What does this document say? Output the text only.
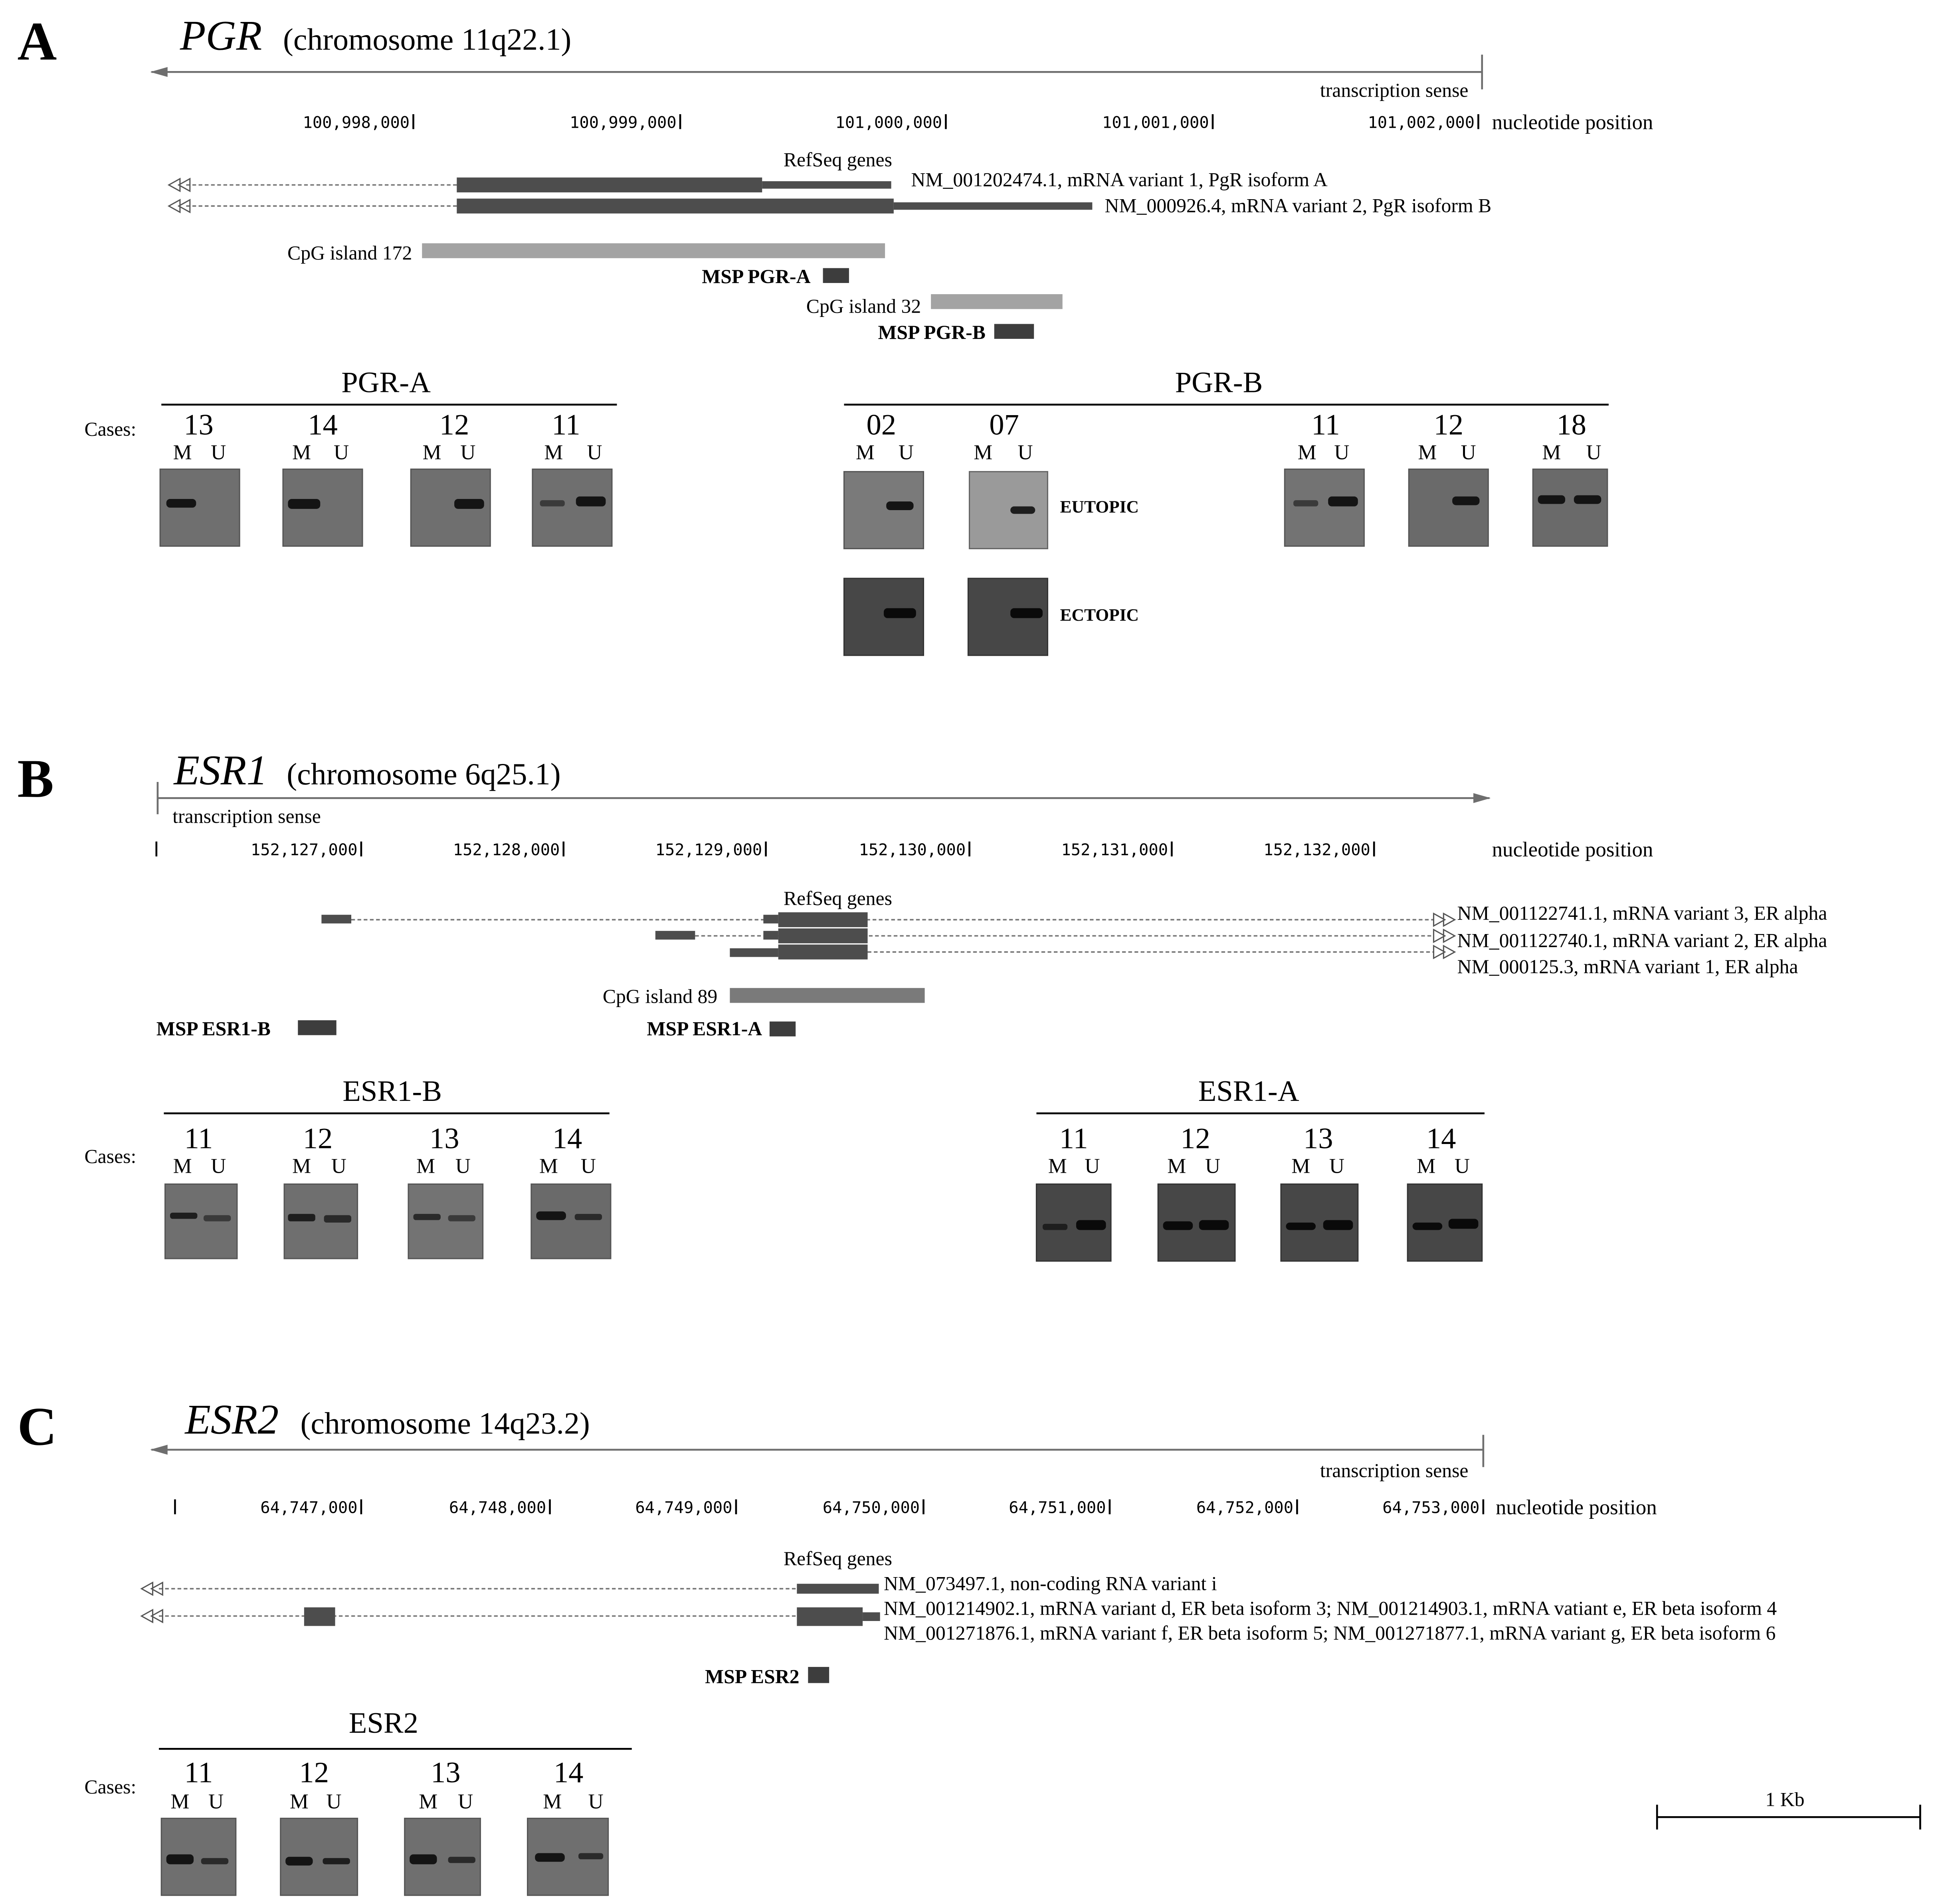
A	PGR (chromosome 11q22.1)
transcription sense
100,998,000	100,999,000	101,000,000	101,001,000	101,002,000	nucleotide position
RefSeq genes
NM_001202474.1, mRNA variant 1, PgR isoform A
NM_000926.4, mRNA variant 2, PgR isoform B
CpG island 172
MSP PGR-A
CpG island 32
MSP PGR-B
PGR-A
Cases:	13
M	U
14
M	U
12
M	U
11
M	U
PGR-B
02
M	U
07
M	U
EUTOPIC
ECTOPIC
11
M	U
12
M	U
18
M	U
B	ESR1 (chromosome 6q25.1)
transcription sense
152,127,000	152,128,000	152,129,000	152,130,000	152,131,000	152,132,000	nucleotide position
RefSeq genes
NM_001122741.1, mRNA variant 3, ER alpha
NM_001122740.1, mRNA variant 2, ER alpha
NM_000125.3, mRNA variant 1, ER alpha
CpG island 89
MSP ESR1-B	MSP ESR1-A
ESR1-B
Cases:
11
M	U
12
M	U
13
M	U
14
M	U
ESR1-A
11
M	U
12
M	U
13
M	U
14
M	U
C	ESR2 (chromosome 14q23.2)
transcription sense
64,747,000	64,748,000	64,749,000	64,750,000	64,751,000	64,752,000	64,753,000 nucleotide position
RefSeq genes
NM_073497.1, non-coding RNA variant i
NM_001214902.1, mRNA variant d, ER beta isoform 3; NM_001214903.1, mRNA vatiant e, ER beta isoform 4
NM_001271876.1, mRNA variant f, ER beta isoform 5; NM_001271877.1, mRNA variant g, ER beta isoform 6
MSP ESR2
ESR2
Cases:	11
M	U
12
M	U
13
M	U
14
M	U	1 Kb
